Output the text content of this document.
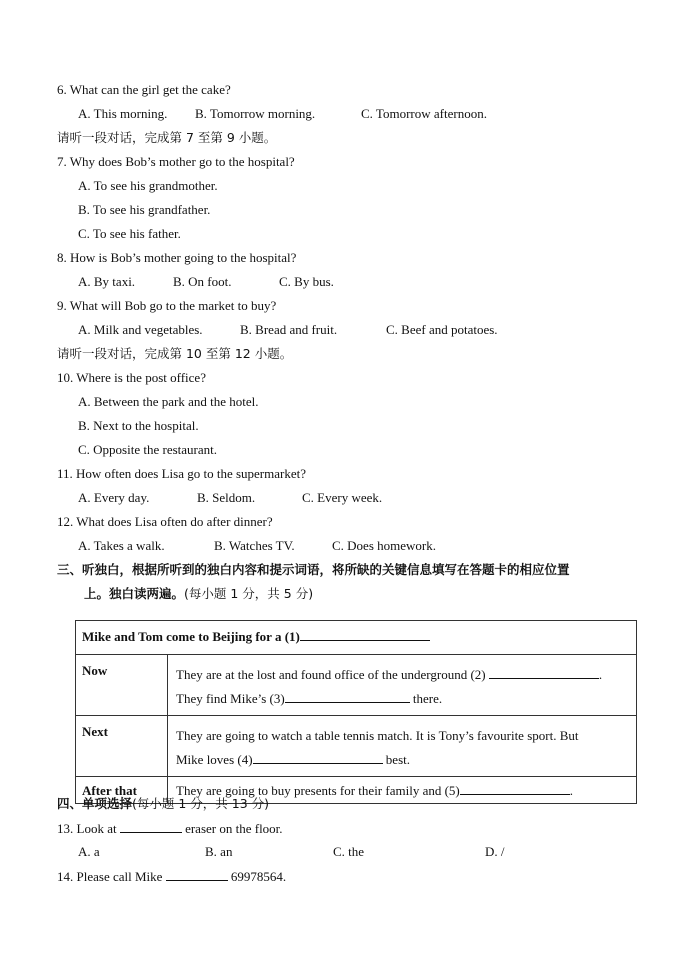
6. What can the girl get the cake?
A. This morning. B. Tomorrow morning.	C. Tomorrow afternoon.
请听一段对话，完成第 7 至第 9 小题。
7. Why does Bob’s mother go to the hospital?
A. To see his grandmother.
B. To see his grandfather.
C. To see his father.
8. How is Bob’s mother going to the hospital?
A. By taxi.	B. On foot.	C. By bus.
9. What will Bob go to the market to buy?
A. Milk and vegetables.	B. Bread and fruit.	C. Beef and potatoes.
请听一段对话，完成第 10 至第 12 小题。
10. Where is the post office?
A. Between the park and the hotel.
B. Next to the hospital.
C. Opposite the restaurant.
11. How often does Lisa go to the supermarket?
A. Every day.	B. Seldom.	C. Every week.
12. What does Lisa often do after dinner?
A. Takes a walk.	B. Watches TV.	C. Does homework.
三、听独白，根据所听到的独白内容和提示词语，将所缺的关键信息填写在答题卡的相应位置
上。独白读两遍。(每小题 1 分，共 5 分)
Mike and Tom come to Beijing for a (1)	
Now	They are at the lost and found office of the underground (2) .
They find Mike’s (3) there.

Next	They are going to watch a table tennis match. It is Tony’s favourite sport. But
Mike loves (4) best.

After that	They are going to buy presents for their family and (5) .
四、单项选择(每小题 1 分，共 13 分)
13. Look at	eraser on the floor.
A. a	B. an	C. the	D. /
14. Please call Mike	69978564.
